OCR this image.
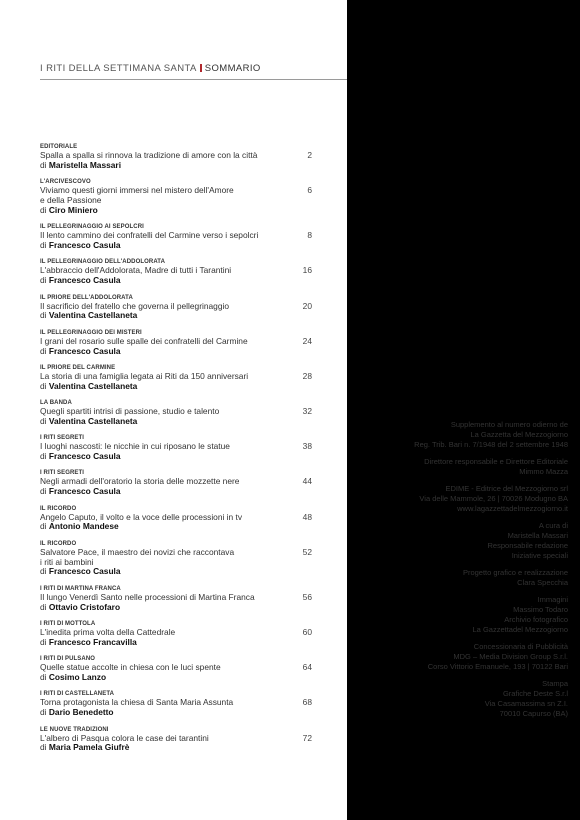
I RITI DELLA SETTIMANA SANTA SOMMARIO
EDITORIALE
Spalla a spalla si rinnova la tradizione di amore con la città
di Maristella Massari
2
L'ARCIVESCOVO
Viviamo questi giorni immersi nel mistero dell'Amore
e della Passione
di Ciro Miniero
6
IL PELLEGRINAGGIO AI SEPOLCRI
Il lento cammino dei confratelli del Carmine verso i sepolcri
di Francesco Casula
8
IL PELLEGRINAGGIO DELL'ADDOLORATA
L'abbraccio dell'Addolorata, Madre di tutti i Tarantini
di Francesco Casula
16
IL PRIORE DELL'ADDOLORATA
Il sacrificio del fratello che governa il pellegrinaggio
di Valentina Castellaneta
20
IL PELLEGRINAGGIO DEI MISTERI
I grani del rosario sulle spalle dei confratelli del Carmine
di Francesco Casula
24
IL PRIORE DEL CARMINE
La storia di una famiglia legata ai Riti da 150 anniversari
di Valentina Castellaneta
28
LA BANDA
Quegli spartiti intrisi di passione, studio e talento
di Valentina Castellaneta
32
I RITI SEGRETI
I luoghi nascosti: le nicchie in cui riposano le statue
di Francesco Casula
38
I RITI SEGRETI
Negli armadi dell'oratorio la storia delle mozzette nere
di Francesco Casula
44
IL RICORDO
Angelo Caputo, il volto e la voce delle processioni in tv
di Antonio Mandese
48
IL RICORDO
Salvatore Pace, il maestro dei novizi che raccontava
i riti ai bambini
di Francesco Casula
52
I RITI DI MARTINA FRANCA
Il lungo Venerdì Santo nelle processioni di Martina Franca
di Ottavio Cristofaro
56
I RITI DI MOTTOLA
L'inedita prima volta della Cattedrale
di Francesco Francavilla
60
I RITI DI PULSANO
Quelle statue accolte in chiesa con le luci spente
di Cosimo Lanzo
64
I RITI DI CASTELLANETA
Torna protagonista la chiesa di Santa Maria Assunta
di Dario Benedetto
68
LE NUOVE TRADIZIONI
L'albero di Pasqua colora le case dei tarantini
di Maria Pamela Giufrè
72
Supplemento al numero odierno de
La Gazzetta del Mezzogiorno
Reg. Trib. Bari n. 7/1948 del 2 settembre 1948
Direttore responsabile e Direttore Editoriale
Mimmo Mazza
EDIME - Editrice del Mezzogiorno srl
Via delle Mammole, 26 | 70026 Modugno BA
www.lagazzettadelmezzogiorno.it
A cura di
Maristella Massari
Responsabile redazione
Iniziative speciali
Progetto grafico e realizzazione
Clara Specchia
Immagini
Massimo Todaro
Archivio fotografico
La Gazzettadel Mezzogiorno
Concessionaria di Pubblicità
MDG – Media Division Group S.r.l.
Corso Vittorio Emanuele, 193 | 70122 Bari
Stampa
Grafiche Deste S.r.l
Via Casamassima sn Z.I.
70010 Capurso (BA)
